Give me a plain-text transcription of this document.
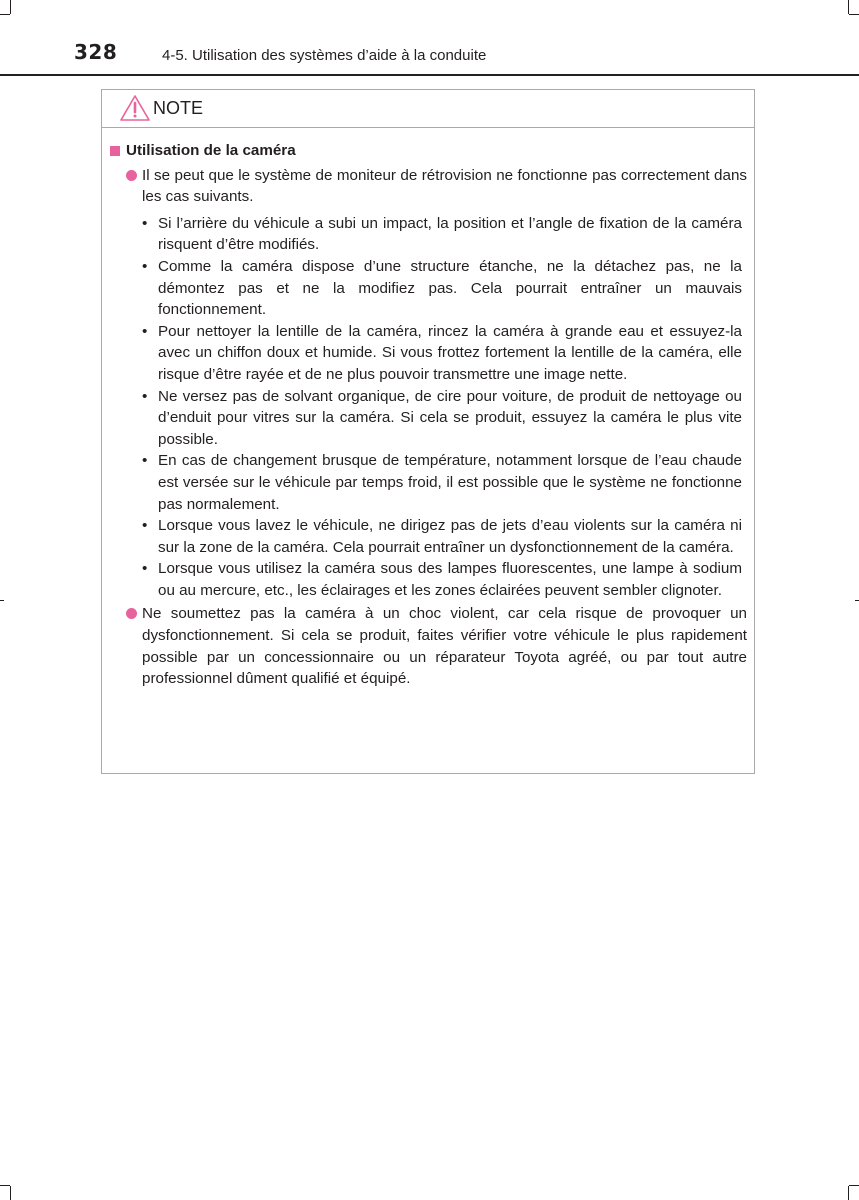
328	4-5. Utilisation des systèmes d’aide à la conduite
NOTE
Utilisation de la caméra
Il se peut que le système de moniteur de rétrovision ne fonctionne pas correctement dans les cas suivants.
• Si l’arrière du véhicule a subi un impact, la position et l’angle de fixation de la caméra risquent d’être modifiés.
• Comme la caméra dispose d’une structure étanche, ne la détachez pas, ne la démontez pas et ne la modifiez pas. Cela pourrait entraîner un mauvais fonctionnement.
• Pour nettoyer la lentille de la caméra, rincez la caméra à grande eau et essuyez-la avec un chiffon doux et humide. Si vous frottez fortement la lentille de la caméra, elle risque d’être rayée et de ne plus pouvoir transmettre une image nette.
• Ne versez pas de solvant organique, de cire pour voiture, de produit de nettoyage ou d’enduit pour vitres sur la caméra. Si cela se produit, essuyez la caméra le plus vite possible.
• En cas de changement brusque de température, notamment lorsque de l’eau chaude est versée sur le véhicule par temps froid, il est possible que le système ne fonctionne pas normalement.
• Lorsque vous lavez le véhicule, ne dirigez pas de jets d’eau violents sur la caméra ni sur la zone de la caméra. Cela pourrait entraîner un dysfonctionnement de la caméra.
• Lorsque vous utilisez la caméra sous des lampes fluorescentes, une lampe à sodium ou au mercure, etc., les éclairages et les zones éclairées peuvent sembler clignoter.
Ne soumettez pas la caméra à un choc violent, car cela risque de provoquer un dysfonctionnement. Si cela se produit, faites vérifier votre véhicule le plus rapidement possible par un concessionnaire ou un réparateur Toyota agréé, ou par tout autre professionnel dûment qualifié et équipé.
